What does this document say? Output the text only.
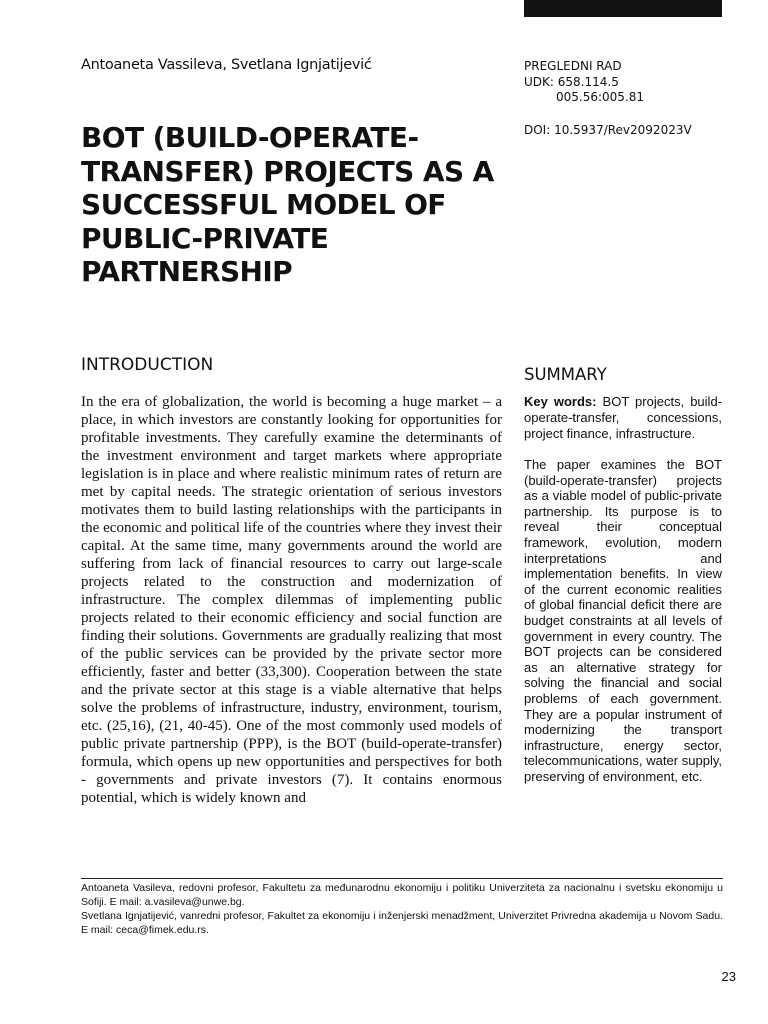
Antoaneta Vassileva, Svetlana Ignjatijević	PREGLEDNI RAD
UDK: 658.114.5
005.56:005.81
DOI: 10.5937/Rev2092023V
BOT (BUILD-OPERATE-TRANSFER) PROJECTS AS A SUCCESSFUL MODEL OF PUBLIC-PRIVATE PARTNERSHIP
INTRODUCTION

In the era of globalization, the world is becoming a huge market – a place, in which investors are constantly looking for opportunities for profitable investments. They carefully examine the determinants of the investment environment and target markets where appropriate legislation is in place and where realistic minimum rates of return are met by capital needs. The strategic orientation of serious investors motivates them to build lasting relationships with the participants in the economic and political life of the countries where they invest their capital. At the same time, many governments around the world are suffering from lack of financial resources to carry out large-scale projects related to the construction and modernization of infrastructure. The complex dilemmas of implementing public projects related to their economic efficiency and social function are finding their solutions. Governments are gradually realizing that most of the public services can be provided by the private sector more efficiently, faster and better (33,300). Cooperation between the state and the private sector at this stage is a viable alternative that helps solve the problems of infrastructure, industry, environment, tourism, etc. (25,16), (21, 40-45). One of the most commonly used models of public private partnership (PPP), is the BOT (build-operate-transfer) formula, which opens up new opportunities and perspectives for both - governments and private investors (7). It contains enormous potential, which is widely known and

SUMMARY

Key words: BOT projects, build-operate-transfer, concessions, project finance, infrastructure.

The paper examines the BOT (build-operate-transfer) projects as a viable model of public-private partnership. Its purpose is to reveal their conceptual framework, evolution, modern interpretations and implementation benefits. In view of the current economic realities of global financial deficit there are budget constraints at all levels of government in every country. The BOT projects can be considered as an alternative strategy for solving the financial and social problems of each government. They are a popular instrument of modernizing the transport infrastructure, energy sector, telecommunications, water supply, preserving of environment, etc.

Antoaneta Vasileva, redovni profesor, Fakultetu za međunarodnu ekonomiju i politiku Univerziteta za nacionalnu i svetsku ekonomiju u Sofiji. E mail: a.vasileva@unwe.bg.

Svetlana Ignjatijević, vanredni profesor, Fakultet za ekonomiju i inženjerski menadžment, Univerzitet Privredna akademija u Novom Sadu. E mail: ceca@fimek.edu.rs.

23
